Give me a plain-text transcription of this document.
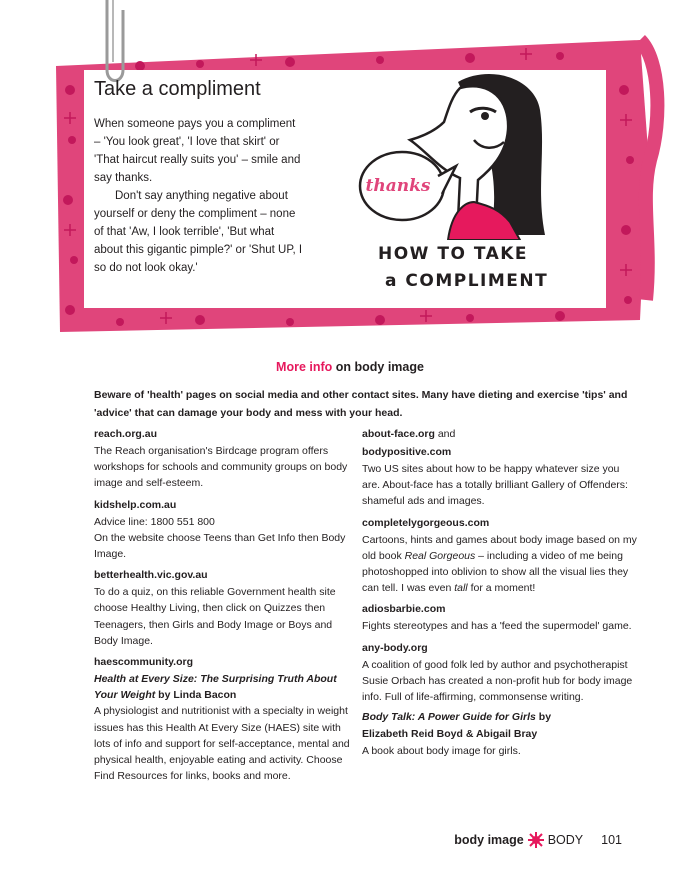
Take a compliment

When someone pays you a compliment – 'You look great', 'I love that skirt' or 'That haircut really suits you' – smile and say thanks.

Don't say anything negative about yourself or deny the compliment – none of that 'Aw, I look terrible', 'But what about this gigantic pimple?' or 'Shut UP, I so do not look okay.'

thanks
HOW TO TAKE
a COMPLIMENT
More info on body image

Beware of 'health' pages on social media and other contact sites. Many have dieting and exercise 'tips' and 'advice' that can damage your body and mess with your head.

reach.org.au
The Reach organisation's Birdcage program offers workshops for schools and community groups on body image and self-esteem.
kidshelp.com.au
Advice line: 1800 551 800
On the website choose Teens than Get Info then Body Image.
betterhealth.vic.gov.au
To do a quiz, on this reliable Government health site choose Healthy Living, then click on Quizzes then Teenagers, then Girls and Body Image or Boys and Body Image.
haescommunity.org
Health at Every Size: The Surprising Truth About Your Weight by Linda Bacon
A physiologist and nutritionist with a specialty in weight issues has this Health At Every Size (HAES) site with lots of info and support for self-acceptance, mental and physical health, enjoyable eating and activity. Choose Find Resources for links, books and more.
about-face.org and
bodypositive.com
Two US sites about how to be happy whatever size you are. About-face has a totally brilliant Gallery of Offenders: shameful ads and images.
completelygorgeous.com
Cartoons, hints and games about body image based on my old book Real Gorgeous – including a video of me being photoshopped into oblivion to show all the visual lies they can tell. I was even tall for a moment!
adiosbarbie.com
Fights stereotypes and has a 'feed the supermodel' game.
any-body.org
A coalition of good folk led by author and psychotherapist Susie Orbach has created a non-profit hub for body image info. Full of life-affirming, commonsense writing.
Body Talk: A Power Guide for Girls by
Elizabeth Reid Boyd & Abigail Bray
A book about body image for girls.
body image BODY 101
